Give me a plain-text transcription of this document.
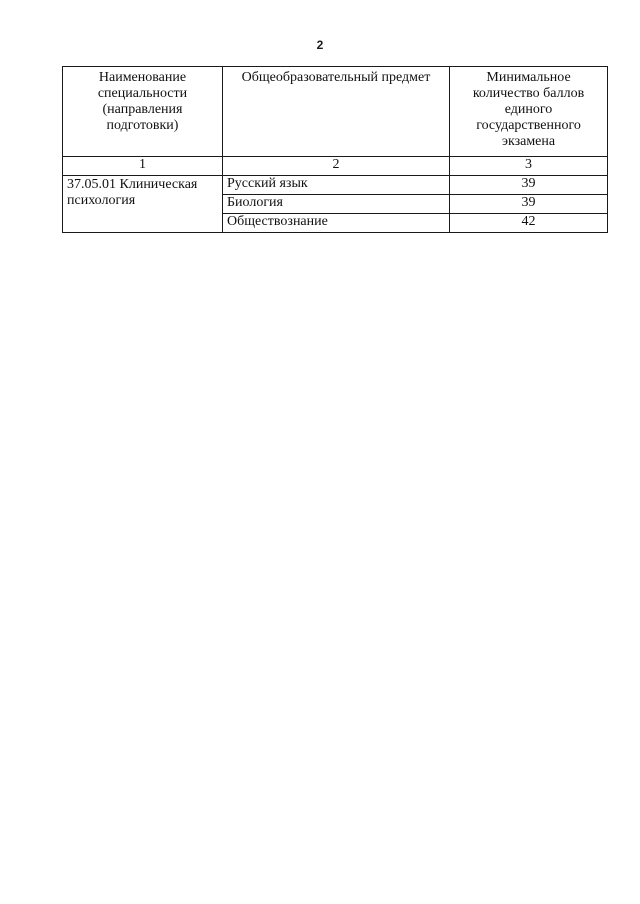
2
Наименование специальности (направления подготовки)	Общеобразовательный предмет	Минимальное количество баллов единого государственного экзамена
1	2	3
37.05.01 Клиническая психология	Русский язык	39
	Биология	39
	Обществознание	42
